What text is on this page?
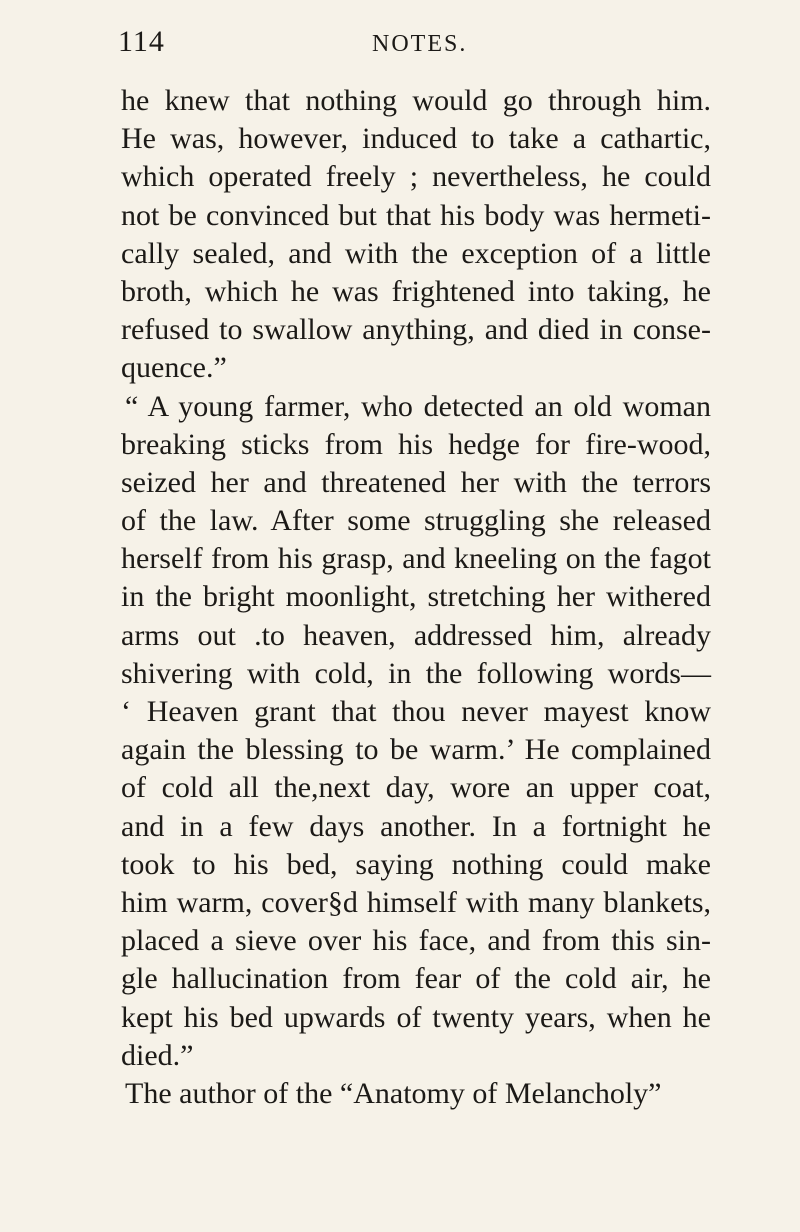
114	NOTES.
he knew that nothing would go through him.
He was, however, induced to take a cathartic,
which operated freely ; nevertheless, he could
not be convinced but that his body was hermeti-
cally sealed, and with the exception of a little
broth, which he was frightened into taking, he
refused to swallow anything, and died in conse-
quence.”
“ A young farmer, who detected an old woman
breaking sticks from his hedge for fire-wood,
seized her and threatened her with the terrors
of the law. After some struggling she released
herself from his grasp, and kneeling on the fagot
in the bright moonlight, stretching her withered
arms out .to heaven, addressed him, already
shivering with cold, in the following words—
‘ Heaven grant that thou never mayest know
again the blessing to be warm.’ He complained
of cold all the,next day, wore an upper coat,
and in a few days another. In a fortnight he
took to his bed, saying nothing could make
him warm, cover§d himself with many blankets,
placed a sieve over his face, and from this sin-
gle hallucination from fear of the cold air, he
kept his bed upwards of twenty years, when he
died.”
The author of the “Anatomy of Melancholy”
